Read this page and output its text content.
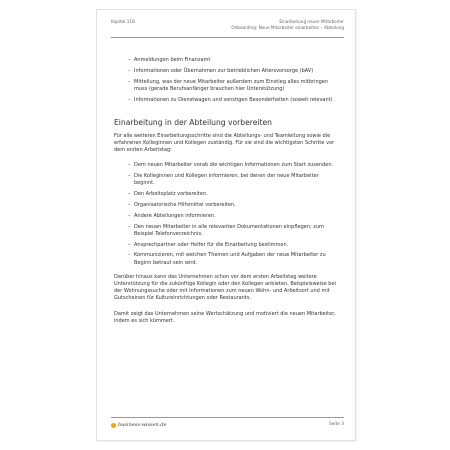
Kapitel 118	Einarbeitung neuer Mitarbeiter
Onboarding: Neue Mitarbeiter einarbeiten – Abteilung
– Anmeldungen beim Finanzamt
– Informationen oder Übernahmen zur betrieblichen Altersvorsorge (bAV)
– Mitteilung, was der neue Mitarbeiter außerdem zum Einstieg alles mitbringen muss (gerade Berufsanfänger brauchen hier Unterstützung)
– Informationen zu Dienstwagen und sonstigen Besonderheiten (soweit relevant)
Einarbeitung in der Abteilung vorbereiten

Für alle weiteren Einarbeitungsschritte sind die Abteilungs- und Teamleitung sowie die erfahrenen Kolleginnen und Kollegen zuständig. Für sie sind die wichtigsten Schritte vor dem ersten Arbeitstag:

– Dem neuen Mitarbeiter vorab die wichtigen Informationen zum Start zusenden.
– Die Kolleginnen und Kollegen informieren, bei denen der neue Mitarbeiter beginnt.
– Den Arbeitsplatz vorbereiten.
– Organisatorische Hilfsmittel vorbereiten.
– Andere Abteilungen informieren.
– Den neuen Mitarbeiter in alle relevanten Dokumentationen einpflegen; zum Beispiel Telefonverzeichnis.
– Ansprechpartner oder Helfer für die Einarbeitung bestimmen.
– Kommunizieren, mit welchen Themen und Aufgaben der neue Mitarbeiter zu Beginn betraut sein wird.

Darüber hinaus kann das Unternehmen schon vor dem ersten Arbeitstag weitere Unterstützung für die zukünftige Kollegin oder den Kollegen anbieten. Beispielsweise bei der Wohnungssuche oder mit Informationen zum neuen Wohn- und Arbeitsort und mit Gutscheinen für Kultureinrichtungen oder Restaurants.

Damit zeigt das Unternehmen seine Wertschätzung und motiviert die neuen Mitarbeiter, indem es sich kümmert.

business-wissen.de	Seite 3
